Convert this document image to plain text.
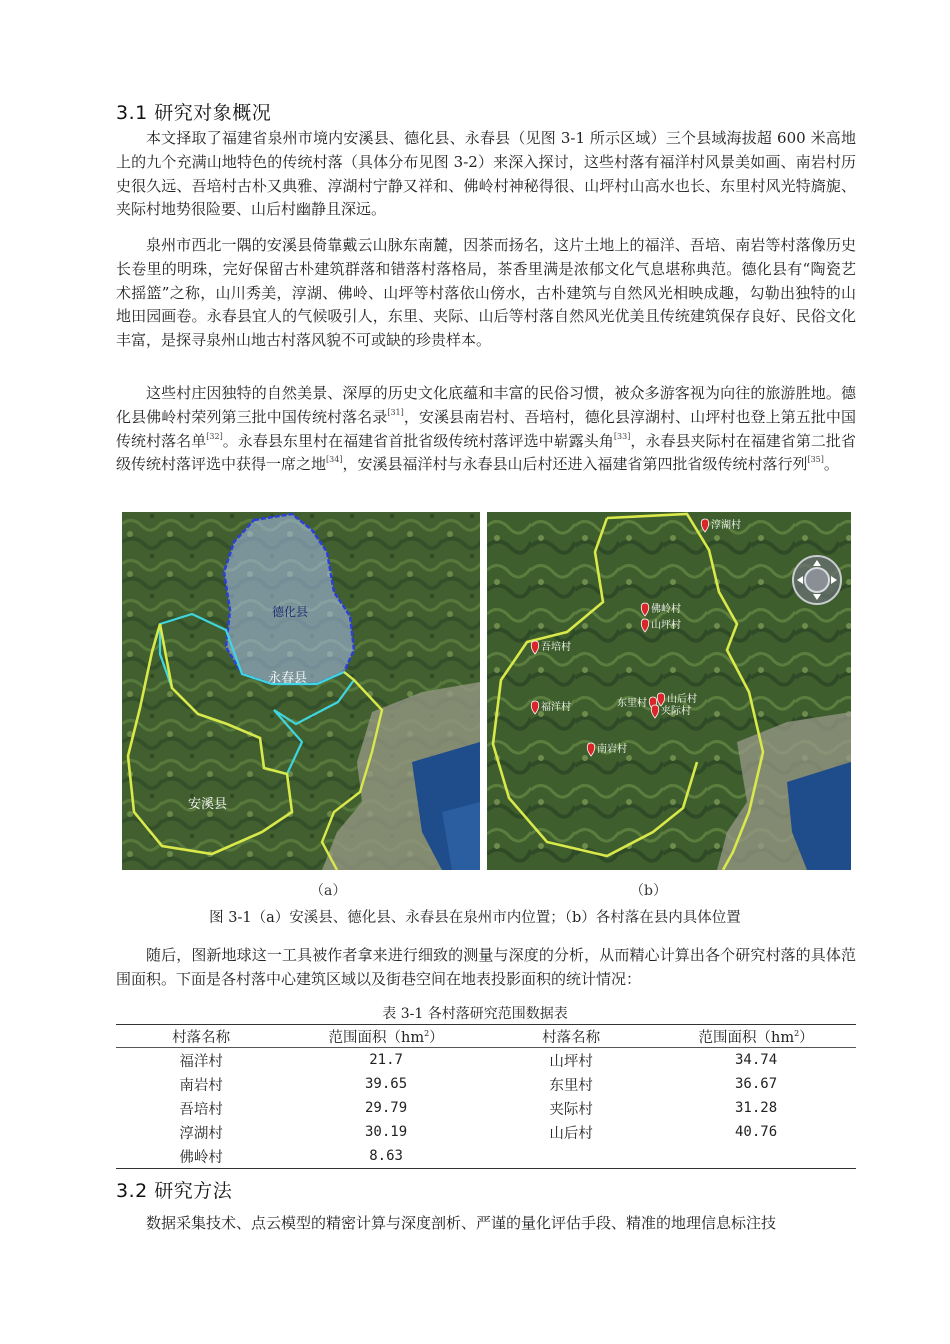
3.1 研究对象概况

本文择取了福建省泉州市境内安溪县、德化县、永春县（见图 3-1 所示区域）三个县域海拔超 600 米高地上的九个充满山地特色的传统村落（具体分布见图 3-2）来深入探讨，这些村落有福洋村风景美如画、南岩村历史很久远、吾培村古朴又典雅、淳湖村宁静又祥和、佛岭村神秘得很、山坪村山高水也长、东里村风光特旖旎、夹际村地势很险要、山后村幽静且深远。

泉州市西北一隅的安溪县倚靠戴云山脉东南麓，因茶而扬名，这片土地上的福洋、吾培、南岩等村落像历史长卷里的明珠，完好保留古朴建筑群落和错落村落格局，茶香里满是浓郁文化气息堪称典范。德化县有“陶瓷艺术摇篮”之称，山川秀美，淳湖、佛岭、山坪等村落依山傍水，古朴建筑与自然风光相映成趣，勾勒出独特的山地田园画卷。永春县宜人的气候吸引人，东里、夹际、山后等村落自然风光优美且传统建筑保存良好、民俗文化丰富，是探寻泉州山地古村落风貌不可或缺的珍贵样本。

这些村庄因独特的自然美景、深厚的历史文化底蕴和丰富的民俗习惯，被众多游客视为向往的旅游胜地。德化县佛岭村荣列第三批中国传统村落名录[31]，安溪县南岩村、吾培村，德化县淳湖村、山坪村也登上第五批中国传统村落名单[32]。永春县东里村在福建省首批省级传统村落评选中崭露头角[33]，永春县夹际村在福建省第二批省级传统村落评选中获得一席之地[34]，安溪县福洋村与永春县山后村还进入福建省第四批省级传统村落行列[35]。

德化县
永春县
安溪县
淳湖村
佛岭村
山坪村
吾培村
福洋村	东里村 山后村
夹际村
南岩村
（a）	（b）
图 3-1（a）安溪县、德化县、永春县在泉州市内位置；（b）各村落在县内具体位置

随后，图新地球这一工具被作者拿来进行细致的测量与深度的分析，从而精心计算出各个研究村落的具体范围面积。下面是各村落中心建筑区域以及街巷空间在地表投影面积的统计情况：

表 3-1 各村落研究范围数据表
村落名称	范围面积$(hm^2)$	村落名称	范围面积$(hm^2)$
福洋村	21.7	山坪村	34.74
南岩村	39.65	东里村	36.67
吾培村	29.79	夹际村	31.28
淳湖村	30.19	山后村	40.76
佛岭村	8.63		
3.2 研究方法

数据采集技术、点云模型的精密计算与深度剖析、严谨的量化评估手段、精准的地理信息标注技
